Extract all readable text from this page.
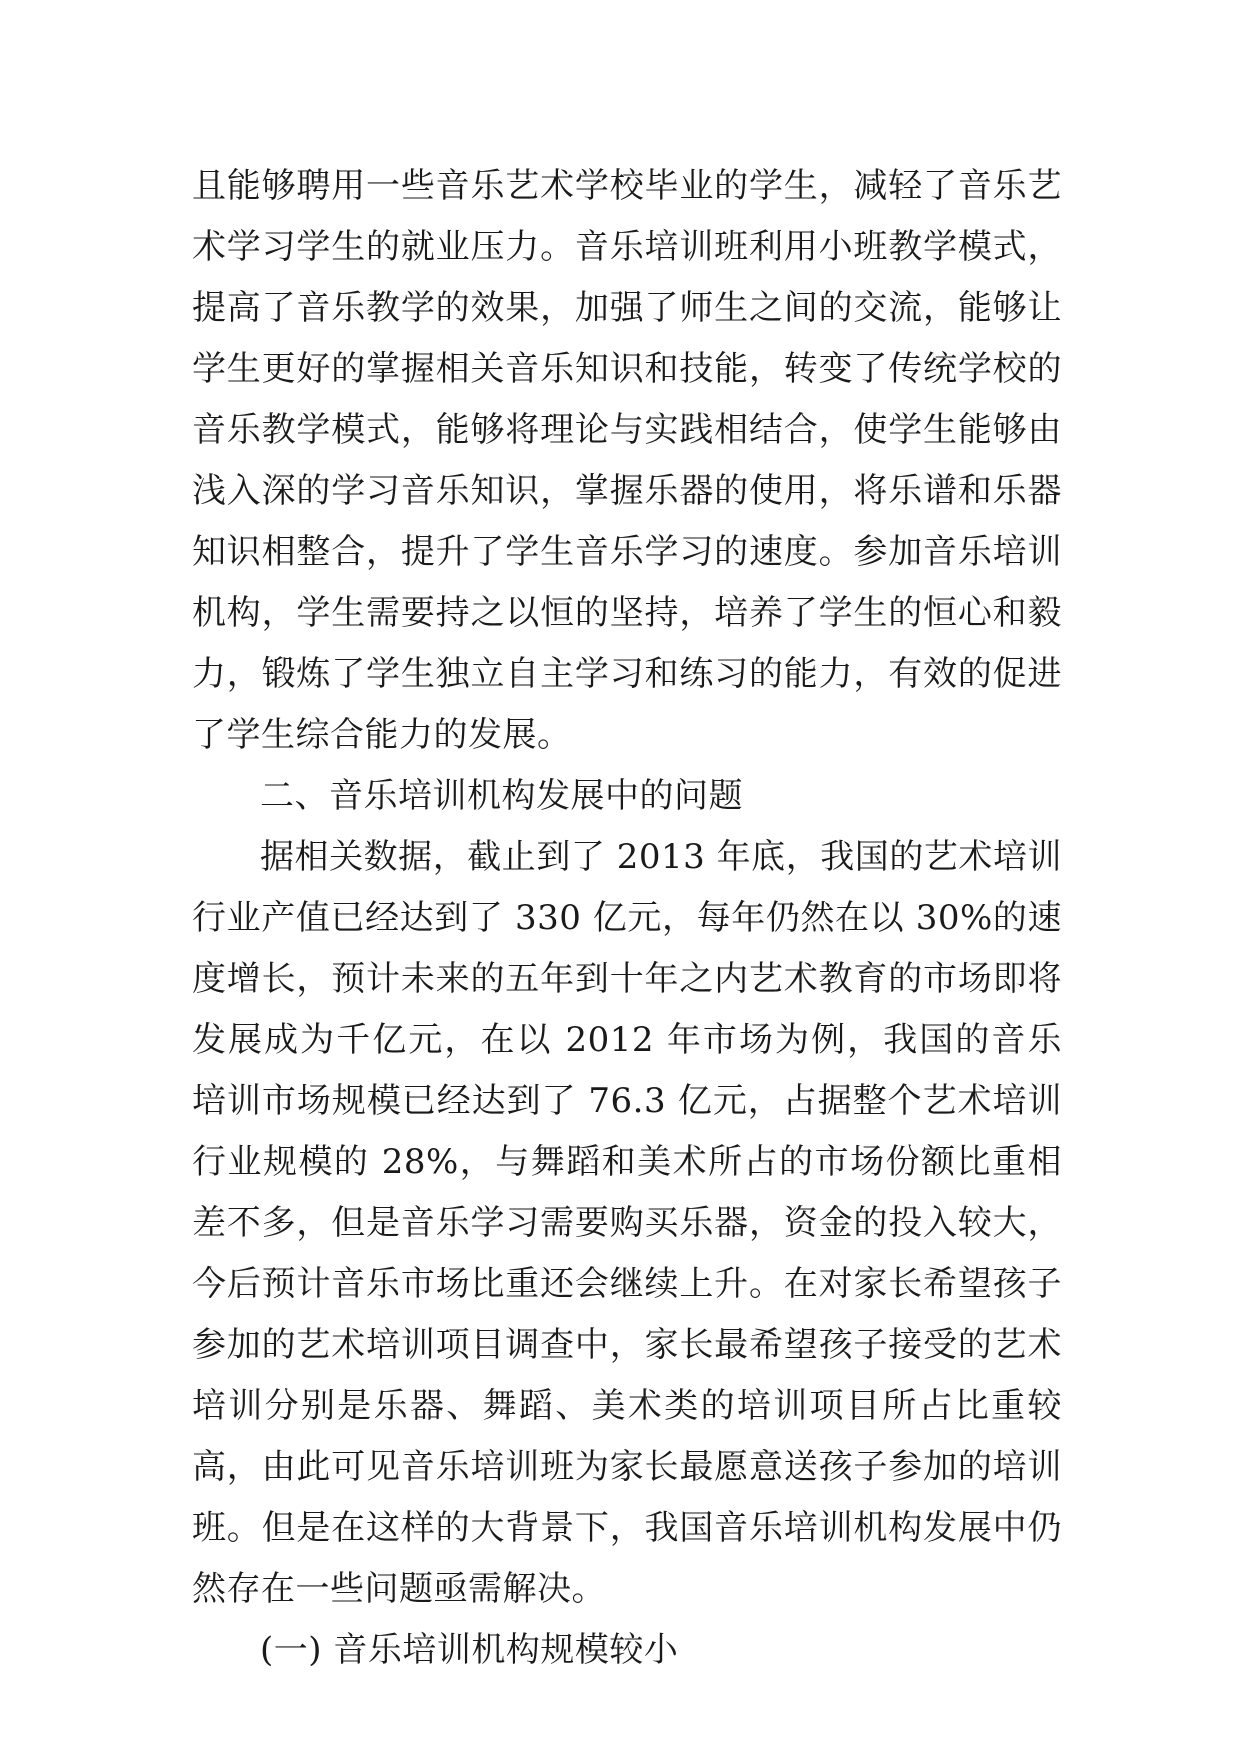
且能够聘用一些音乐艺术学校毕业的学生，减轻了音乐艺术学习学生的就业压力。音乐培训班利用小班教学模式，提高了音乐教学的效果，加强了师生之间的交流，能够让学生更好的掌握相关音乐知识和技能，转变了传统学校的音乐教学模式，能够将理论与实践相结合，使学生能够由浅入深的学习音乐知识，掌握乐器的使用，将乐谱和乐器知识相整合，提升了学生音乐学习的速度。参加音乐培训机构，学生需要持之以恒的坚持，培养了学生的恒心和毅力，锻炼了学生独立自主学习和练习的能力，有效的促进了学生综合能力的发展。

二、音乐培训机构发展中的问题

据相关数据，截止到了 2013 年底，我国的艺术培训行业产值已经达到了 330 亿元，每年仍然在以 30%的速度增长，预计未来的五年到十年之内艺术教育的市场即将发展成为千亿元，在以 2012 年市场为例，我国的音乐培训市场规模已经达到了 76.3 亿元，占据整个艺术培训行业规模的 28%，与舞蹈和美术所占的市场份额比重相差不多，但是音乐学习需要购买乐器，资金的投入较大，今后预计音乐市场比重还会继续上升。在对家长希望孩子参加的艺术培训项目调查中，家长最希望孩子接受的艺术培训分别是乐器、舞蹈、美术类的培训项目所占比重较高，由此可见音乐培训班为家长最愿意送孩子参加的培训班。但是在这样的大背景下，我国音乐培训机构发展中仍然存在一些问题亟需解决。

(一) 音乐培训机构规模较小
